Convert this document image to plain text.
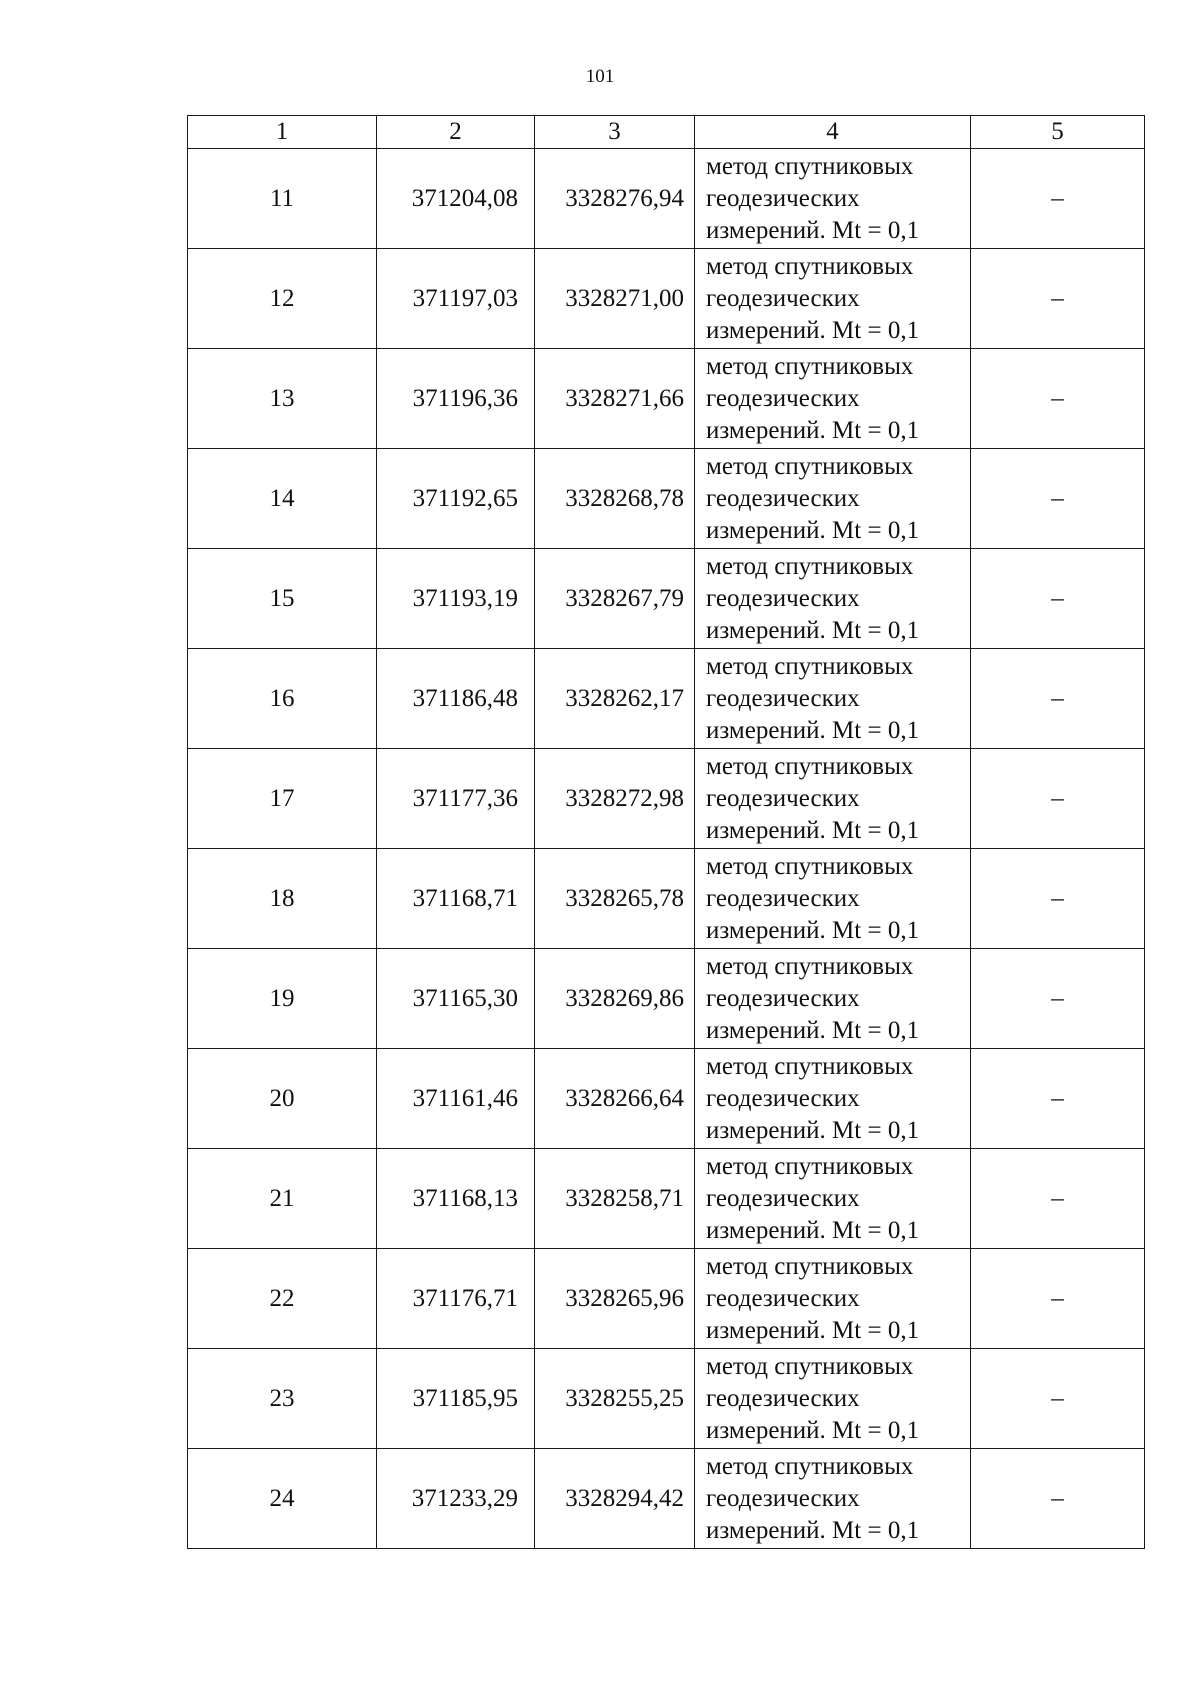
101
1	2	3	4	5
11	371204,08	3328276,94	метод спутниковых
геодезических
измерений. Mt = 0,1	–
12	371197,03	3328271,00	метод спутниковых
геодезических
измерений. Mt = 0,1	–
13	371196,36	3328271,66	метод спутниковых
геодезических
измерений. Mt = 0,1	–
14	371192,65	3328268,78	метод спутниковых
геодезических
измерений. Mt = 0,1	–
15	371193,19	3328267,79	метод спутниковых
геодезических
измерений. Mt = 0,1	–
16	371186,48	3328262,17	метод спутниковых
геодезических
измерений. Mt = 0,1	–
17	371177,36	3328272,98	метод спутниковых
геодезических
измерений. Mt = 0,1	–
18	371168,71	3328265,78	метод спутниковых
геодезических
измерений. Mt = 0,1	–
19	371165,30	3328269,86	метод спутниковых
геодезических
измерений. Mt = 0,1	–
20	371161,46	3328266,64	метод спутниковых
геодезических
измерений. Mt = 0,1	–
21	371168,13	3328258,71	метод спутниковых
геодезических
измерений. Mt = 0,1	–
22	371176,71	3328265,96	метод спутниковых
геодезических
измерений. Mt = 0,1	–
23	371185,95	3328255,25	метод спутниковых
геодезических
измерений. Mt = 0,1	–
24	371233,29	3328294,42	метод спутниковых
геодезических
измерений. Mt = 0,1	–
